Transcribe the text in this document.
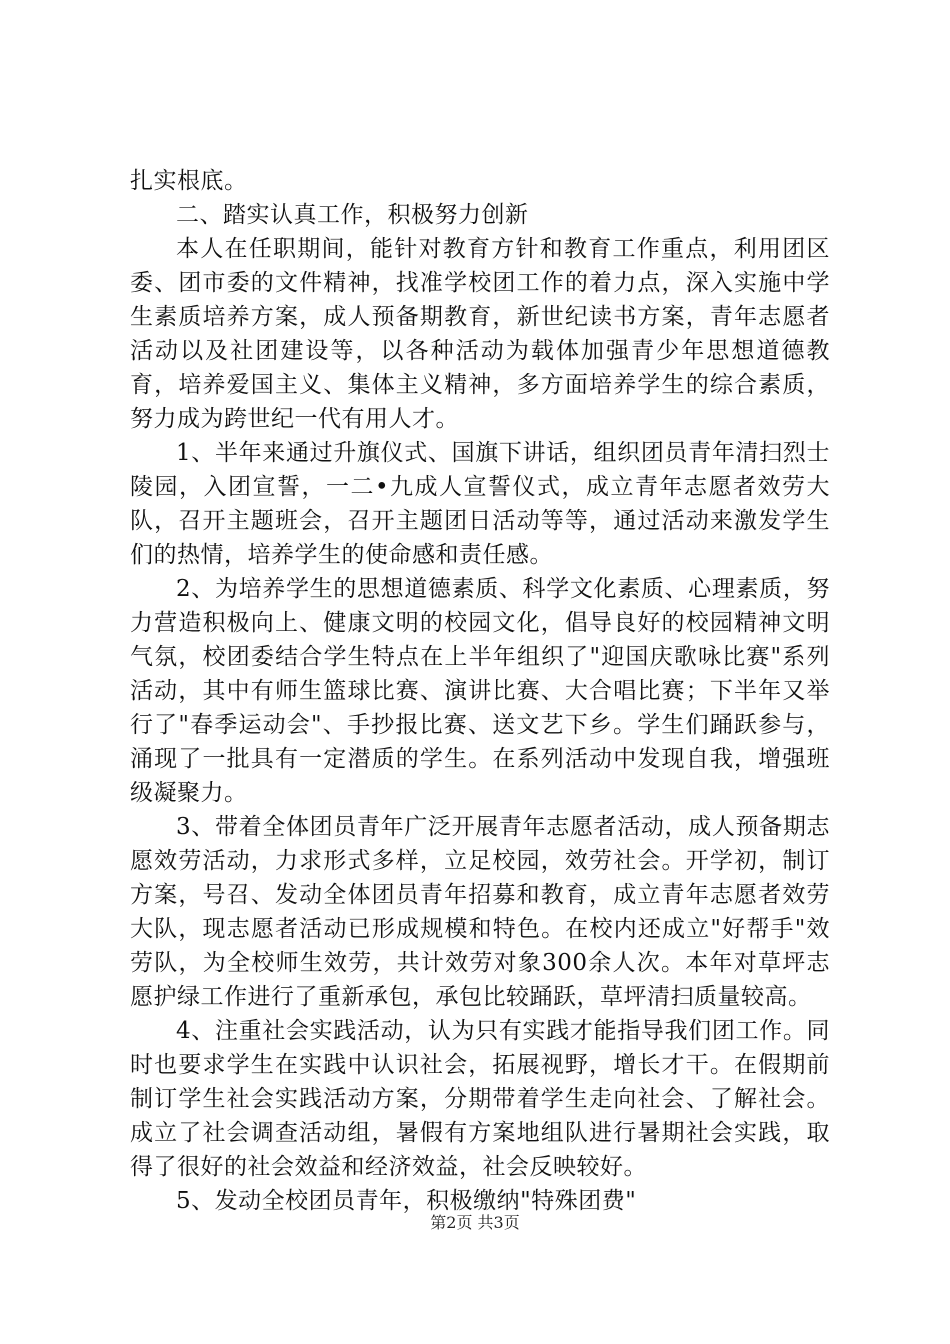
扎实根底。

二、踏实认真工作，积极努力创新

本人在任职期间，能针对教育方针和教育工作重点，利用团区委、团市委的文件精神，找准学校团工作的着力点，深入实施中学生素质培养方案，成人预备期教育，新世纪读书方案，青年志愿者活动以及社团建设等，以各种活动为载体加强青少年思想道德教育，培养爱国主义、集体主义精神，多方面培养学生的综合素质，努力成为跨世纪一代有用人才。

1、半年来通过升旗仪式、国旗下讲话，组织团员青年清扫烈士陵园，入团宣誓，一二•九成人宣誓仪式，成立青年志愿者效劳大队，召开主题班会，召开主题团日活动等等，通过活动来激发学生们的热情，培养学生的使命感和责任感。

2、为培养学生的思想道德素质、科学文化素质、心理素质，努力营造积极向上、健康文明的校园文化，倡导良好的校园精神文明气氛，校团委结合学生特点在上半年组织了"迎国庆歌咏比赛"系列活动，其中有师生篮球比赛、演讲比赛、大合唱比赛；下半年又举行了"春季运动会"、手抄报比赛、送文艺下乡。学生们踊跃参与，涌现了一批具有一定潜质的学生。在系列活动中发现自我，增强班级凝聚力。

3、带着全体团员青年广泛开展青年志愿者活动，成人预备期志愿效劳活动，力求形式多样，立足校园，效劳社会。开学初，制订方案，号召、发动全体团员青年招募和教育，成立青年志愿者效劳大队，现志愿者活动已形成规模和特色。在校内还成立"好帮手"效劳队，为全校师生效劳，共计效劳对象300余人次。本年对草坪志愿护绿工作进行了重新承包，承包比较踊跃，草坪清扫质量较高。

4、注重社会实践活动，认为只有实践才能指导我们团工作。同时也要求学生在实践中认识社会，拓展视野，增长才干。在假期前制订学生社会实践活动方案，分期带着学生走向社会、了解社会。成立了社会调查活动组，暑假有方案地组队进行暑期社会实践，取得了很好的社会效益和经济效益，社会反映较好。

5、发动全校团员青年，积极缴纳"特殊团费"

第2页 共3页
